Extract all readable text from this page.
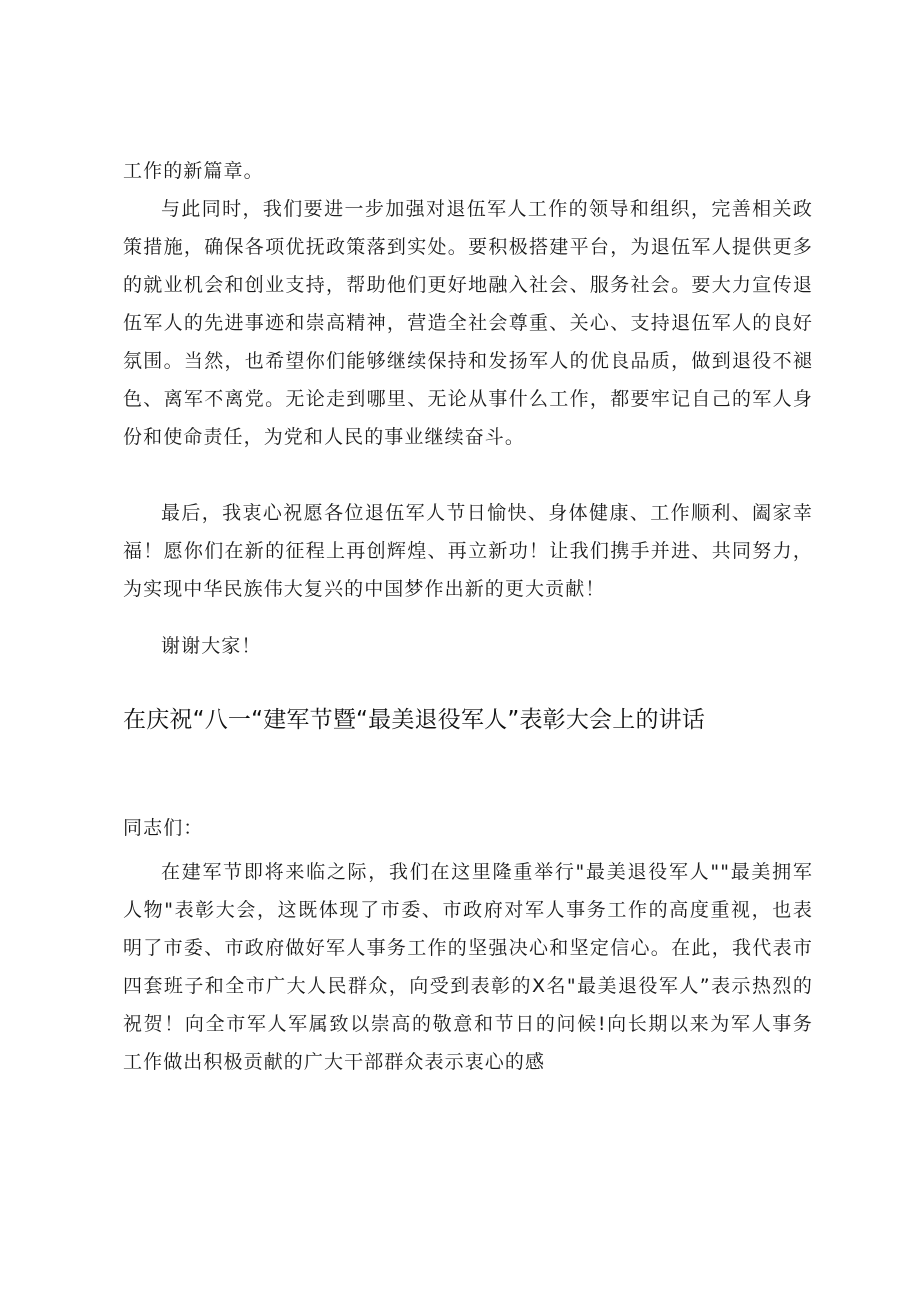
工作的新篇章。

与此同时，我们要进一步加强对退伍军人工作的领导和组织，完善相关政策措施，确保各项优抚政策落到实处。要积极搭建平台，为退伍军人提供更多的就业机会和创业支持，帮助他们更好地融入社会、服务社会。要大力宣传退伍军人的先进事迹和崇高精神，营造全社会尊重、关心、支持退伍军人的良好氛围。当然，也希望你们能够继续保持和发扬军人的优良品质，做到退役不褪色、离军不离党。无论走到哪里、无论从事什么工作，都要牢记自己的军人身份和使命责任，为党和人民的事业继续奋斗。

最后，我衷心祝愿各位退伍军人节日愉快、身体健康、工作顺利、阖家幸福！愿你们在新的征程上再创辉煌、再立新功！让我们携手并进、共同努力，为实现中华民族伟大复兴的中国梦作出新的更大贡献！

谢谢大家！

在庆祝“八一“建军节暨“最美退役军人”表彰大会上的讲话

同志们：

在建军节即将来临之际，我们在这里隆重举行"最美退役军人""最美拥军人物"表彰大会，这既体现了市委、市政府对军人事务工作的高度重视，也表明了市委、市政府做好军人事务工作的坚强决心和坚定信心。在此，我代表市四套班子和全市广大人民群众，向受到表彰的X名"最美退役军人”表示热烈的祝贺！向全市军人军属致以崇高的敬意和节日的问候!向长期以来为军人事务工作做出积极贡献的广大干部群众表示衷心的感
